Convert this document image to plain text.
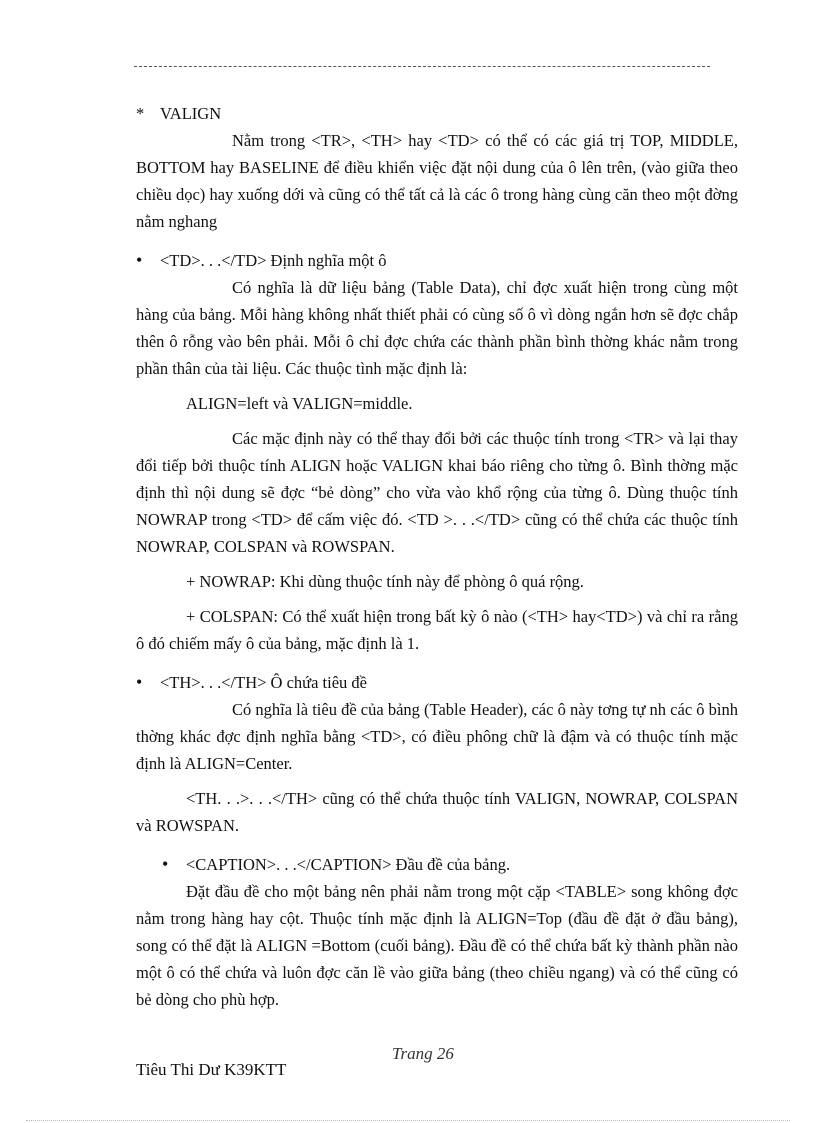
* VALIGN

Nằm trong <TR>, <TH> hay <TD> có thể có các giá trị TOP, MIDDLE, BOTTOM hay BASELINE để điều khiển việc đặt nội dung của ô lên trên, (vào giữa theo chiều dọc) hay xuống dới và cũng có thể tất cả là các ô trong hàng cùng căn theo một đờng nằm nghang

•	<TD>. . .</TD> Định nghĩa một ô

Có nghĩa là dữ liệu bảng (Table Data), chỉ đợc xuất hiện trong cùng một hàng của bảng. Mỗi hàng không nhất thiết phải có cùng số ô vì dòng ngắn hơn sẽ đợc chắp thên ô rỗng vào bên phải. Mỗi ô chỉ đợc chứa các thành phần bình thờng khác nằm trong phần thân của tài liệu. Các thuộc tình mặc định là:

ALIGN=left và VALIGN=middle.

Các mặc định này có thể thay đổi bởi các thuộc tính trong <TR> và lại thay đổi tiếp bởi thuộc tính ALIGN hoặc VALIGN khai báo riêng cho từng ô. Bình thờng mặc định thì nội dung sẽ đợc “bẻ dòng” cho vừa vào khổ rộng của từng ô. Dùng thuộc tính NOWRAP trong <TD> để cấm việc đó. <TD >. . .</TD> cũng có thể chứa các thuộc tính NOWRAP, COLSPAN và ROWSPAN.

+ NOWRAP: Khi dùng thuộc tính này để phòng ô quá rộng.

+ COLSPAN: Có thể xuất hiện trong bất kỳ ô nào (<TH> hay<TD>) và chỉ ra rằng ô đó chiếm mấy ô của bảng, mặc định là 1.

•	<TH>. . .</TH> Ô chứa tiêu đề

Có nghĩa là tiêu đề của bảng (Table Header), các ô này tơng tự nh các ô bình thờng khác đợc định nghĩa bằng <TD>, có điều phông chữ là đậm và có thuộc tính mặc định là ALIGN=Center.

<TH. . .>. . .</TH> cũng có thể chứa thuộc tính VALIGN, NOWRAP, COLSPAN và ROWSPAN.

•	<CAPTION>. . .</CAPTION> Đầu đề của bảng.

Đặt đầu đề cho một bảng nên phải nằm trong một cặp <TABLE> song không đợc nằm trong hàng hay cột. Thuộc tính mặc định là ALIGN=Top (đầu đề đặt ở đầu bảng), song có thể đặt là ALIGN =Bottom (cuối bảng). Đầu đề có thể chứa bất kỳ thành phần nào một ô có thể chứa và luôn đợc căn lề vào giữa bảng (theo chiều ngang) và có thể cũng có bẻ dòng cho phù hợp.

Trang 26
Tiêu Thi Dư K39KTT
